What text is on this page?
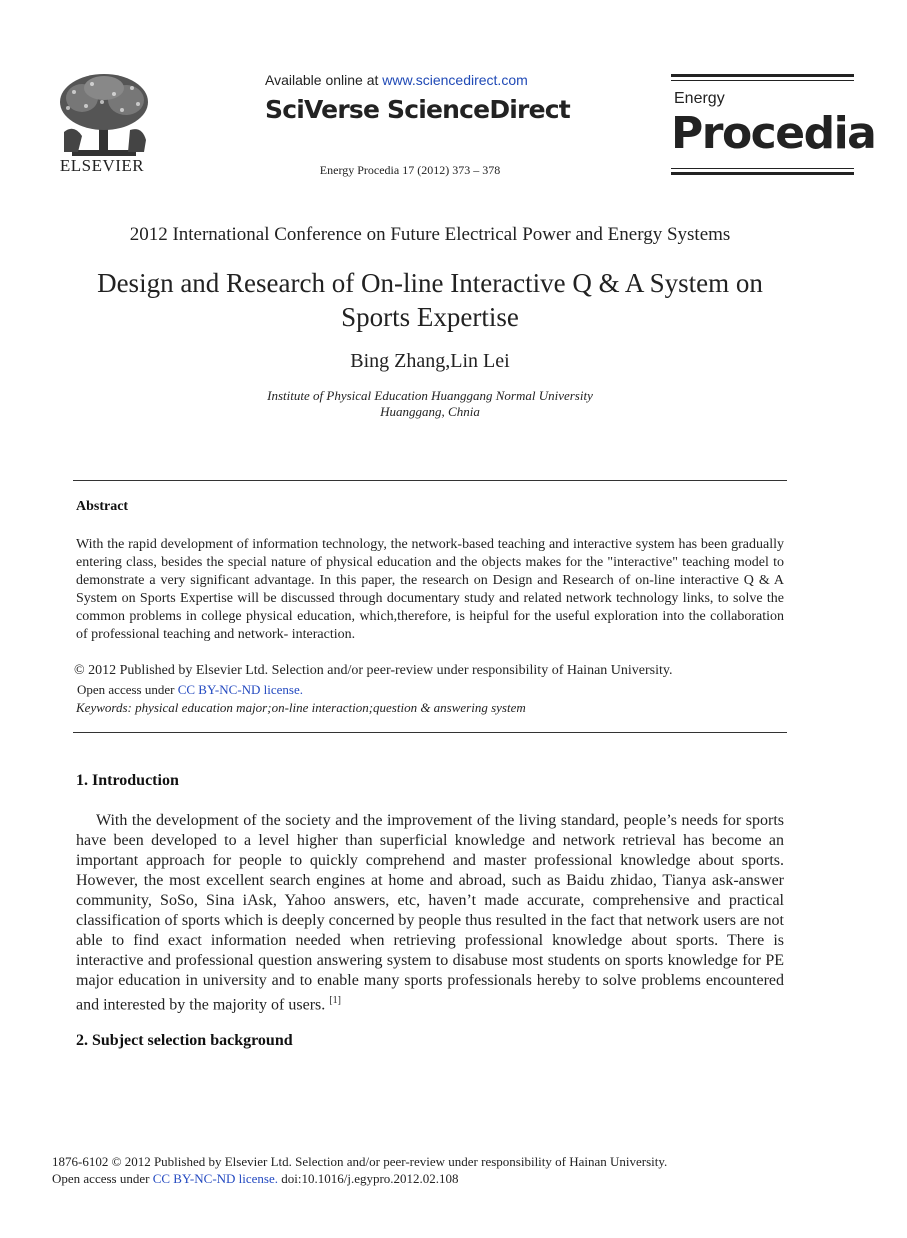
ELSEVIER
Available online at www.sciencedirect.com
SciVerse ScienceDirect
Energy Procedia 17 (2012) 373 – 378
Energy
Procedia
2012 International Conference on Future Electrical Power and Energy Systems
Design and Research of On-line Interactive Q & A System on Sports Expertise
Bing Zhang,Lin Lei
Institute of Physical Education Huanggang Normal University
Huanggang, Chnia
Abstract
With the rapid development of information technology, the network-based teaching and interactive system has been gradually entering class, besides the special nature of physical education and the objects makes for the "interactive" teaching model to demonstrate a very significant advantage. In this paper, the research on Design and Research of on-line interactive Q & A System on Sports Expertise will be discussed through documentary study and related network technology links, to solve the common problems in college physical education, which,therefore, is heipful for the useful exploration into the collaboration of professional teaching and network- interaction.
© 2012 Published by Elsevier Ltd. Selection and/or peer-review under responsibility of Hainan University.
Open access under CC BY-NC-ND license.
Keywords: physical education major;on-line interaction;question & answering system
1. Introduction
With the development of the society and the improvement of the living standard, people’s needs for sports have been developed to a level higher than superficial knowledge and network retrieval has become an important approach for people to quickly comprehend and master professional knowledge about sports. However, the most excellent search engines at home and abroad, such as Baidu zhidao, Tianya ask-answer community, SoSo, Sina iAsk, Yahoo answers, etc, haven’t made accurate, comprehensive and practical classification of sports which is deeply concerned by people thus resulted in the fact that network users are not able to find exact information needed when retrieving professional knowledge about sports. There is interactive and professional question answering system to disabuse most students on sports knowledge for PE major education in university and to enable many sports professionals hereby to solve problems encountered and interested by the majority of users. [1]
2. Subject selection background
1876-6102 © 2012 Published by Elsevier Ltd. Selection and/or peer-review under responsibility of Hainan University.
Open access under CC BY-NC-ND license. doi:10.1016/j.egypro.2012.02.108
